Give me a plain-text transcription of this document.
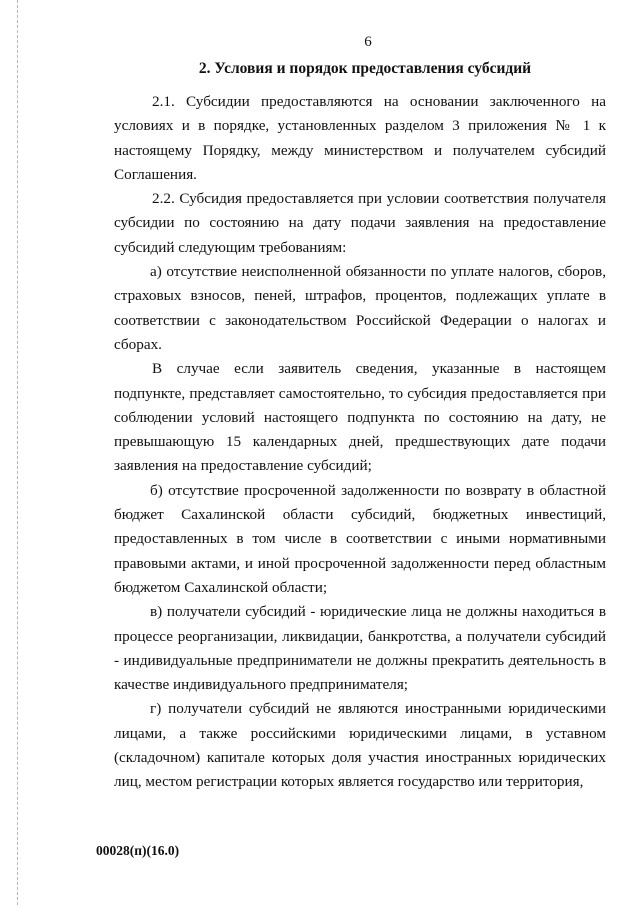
6
2. Условия и порядок предоставления субсидий

2.1. Субсидии предоставляются на основании заключенного на условиях и в порядке, установленных разделом 3 приложения № 1 к настоящему Порядку, между министерством и получателем субсидий Соглашения.

2.2. Субсидия предоставляется при условии соответствия получателя субсидии по состоянию на дату подачи заявления на предоставление субсидий следующим требованиям:

а) отсутствие неисполненной обязанности по уплате налогов, сборов, страховых взносов, пеней, штрафов, процентов, подлежащих уплате в соответствии с законодательством Российской Федерации о налогах и сборах.

В случае если заявитель сведения, указанные в настоящем подпункте, представляет самостоятельно, то субсидия предоставляется при соблюдении условий настоящего подпункта по состоянию на дату, не превышающую 15 календарных дней, предшествующих дате подачи заявления на предоставление субсидий;

б) отсутствие просроченной задолженности по возврату в областной бюджет Сахалинской области субсидий, бюджетных инвестиций, предоставленных в том числе в соответствии с иными нормативными правовыми актами, и иной просроченной задолженности перед областным бюджетом Сахалинской области;

в) получатели субсидий - юридические лица не должны находиться в процессе реорганизации, ликвидации, банкротства, а получатели субсидий - индивидуальные предприниматели не должны прекратить деятельность в качестве индивидуального предпринимателя;

г) получатели субсидий не являются иностранными юридическими лицами, а также российскими юридическими лицами, в уставном (складочном) капитале которых доля участия иностранных юридических лиц, местом регистрации которых является государство или территория,

00028(п)(16.0)
